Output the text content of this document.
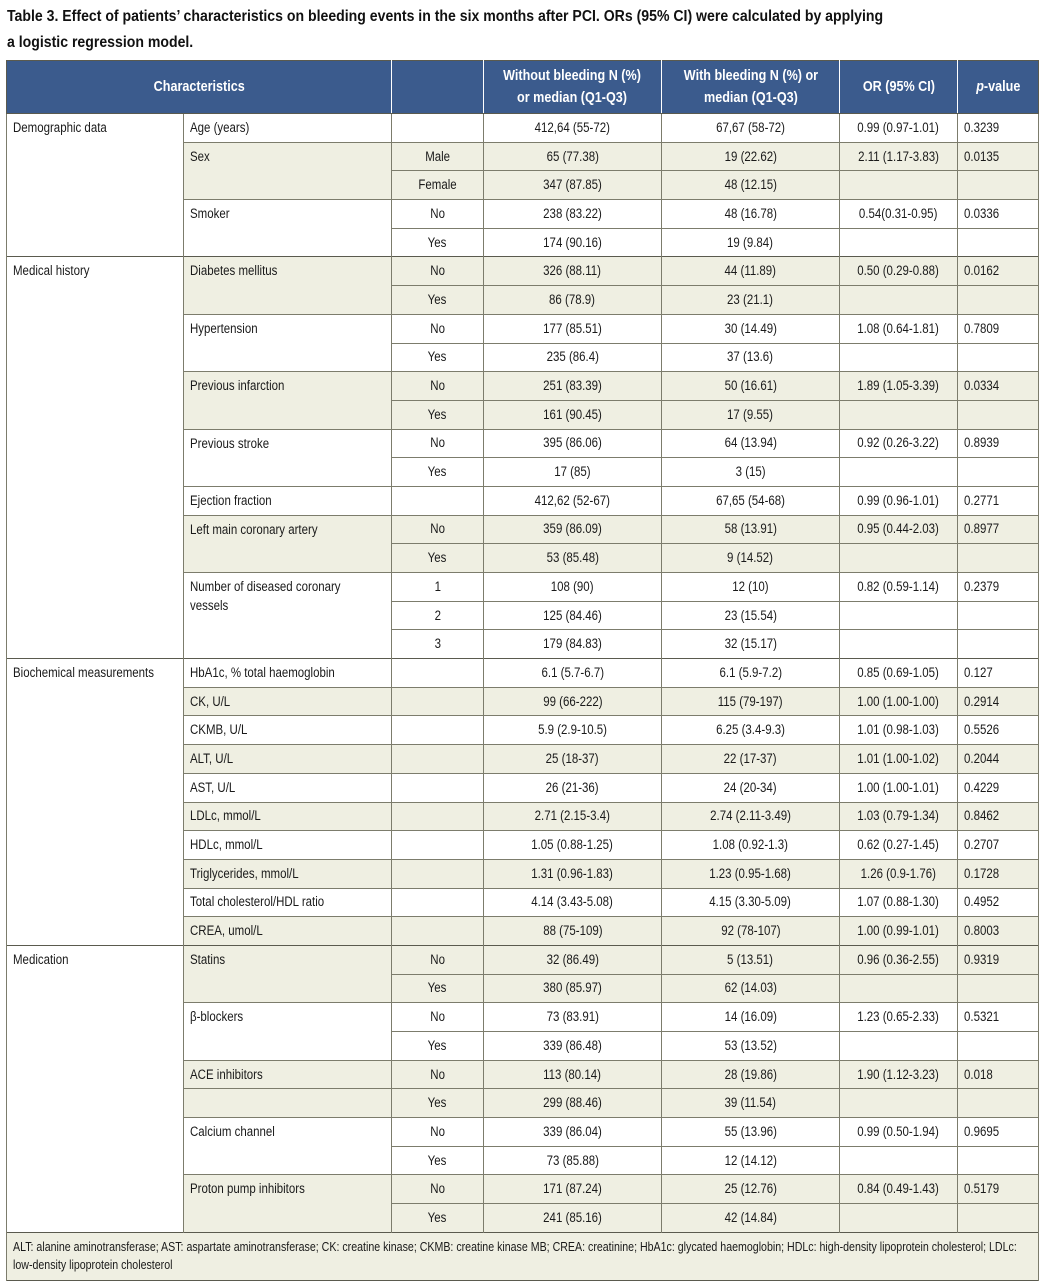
Table 3. Effect of patients’ characteristics on bleeding events in the six months after PCI. ORs (95% CI) were calculated by applying
a logistic regression model.
Characteristics			Without bleeding N (%)
or median (Q1-Q3)	With bleeding N (%) or
median (Q1-Q3)	OR (95% CI)	p-value
Demographic data	Age (years)		412,64 (55-72)	67,67 (58-72)	0.99 (0.97-1.01)	0.3239
	Sex	Male	65 (77.38)	19 (22.62)	2.11 (1.17-3.83)	0.0135
		Female	347 (87.85)	48 (12.15)		
	Smoker	No	238 (83.22)	48 (16.78)	0.54(0.31-0.95)	0.0336
		Yes	174 (90.16)	19 (9.84)		
Medical history	Diabetes mellitus	No	326 (88.11)	44 (11.89)	0.50 (0.29-0.88)	0.0162
		Yes	86 (78.9)	23 (21.1)		
	Hypertension	No	177 (85.51)	30 (14.49)	1.08 (0.64-1.81)	0.7809
		Yes	235 (86.4)	37 (13.6)		
	Previous infarction	No	251 (83.39)	50 (16.61)	1.89 (1.05-3.39)	0.0334
		Yes	161 (90.45)	17 (9.55)		
	Previous stroke	No	395 (86.06)	64 (13.94)	0.92 (0.26-3.22)	0.8939
		Yes	17 (85)	3 (15)		
	Ejection fraction		412,62 (52-67)	67,65 (54-68)	0.99 (0.96-1.01)	0.2771
	Left main coronary artery	No	359 (86.09)	58 (13.91)	0.95 (0.44-2.03)	0.8977
		Yes	53 (85.48)	9 (14.52)		

	Number of diseased coronary vessels	1	108 (90)	12 (10)	0.82 (0.59-1.14)	0.2379
		2	125 (84.46)	23 (15.54)		
		3	179 (84.83)	32 (15.17)		
Biochemical measurements	HbA1c, % total haemoglobin		6.1 (5.7-6.7)	6.1 (5.9-7.2)	0.85 (0.69-1.05)	0.127
	CK, U/L		99 (66-222)	115 (79-197)	1.00 (1.00-1.00)	0.2914
	CKMB, U/L		5.9 (2.9-10.5)	6.25 (3.4-9.3)	1.01 (0.98-1.03)	0.5526
	ALT, U/L		25 (18-37)	22 (17-37)	1.01 (1.00-1.02)	0.2044
	AST, U/L		26 (21-36)	24 (20-34)	1.00 (1.00-1.01)	0.4229
	LDLc, mmol/L		2.71 (2.15-3.4)	2.74 (2.11-3.49)	1.03 (0.79-1.34)	0.8462
	HDLc, mmol/L		1.05 (0.88-1.25)	1.08 (0.92-1.3)	0.62 (0.27-1.45)	0.2707
	Triglycerides, mmol/L		1.31 (0.96-1.83)	1.23 (0.95-1.68)	1.26 (0.9-1.76)	0.1728
	Total cholesterol/HDL ratio		4.14 (3.43-5.08)	4.15 (3.30-5.09)	1.07 (0.88-1.30)	0.4952
	CREA, umol/L		88 (75-109)	92 (78-107)	1.00 (0.99-1.01)	0.8003
Medication	Statins	No	32 (86.49)	5 (13.51)	0.96 (0.36-2.55)	0.9319
		Yes	380 (85.97)	62 (14.03)		
	β-blockers	No	73 (83.91)	14 (16.09)	1.23 (0.65-2.33)	0.5321
		Yes	339 (86.48)	53 (13.52)		
	ACE inhibitors	No	113 (80.14)	28 (19.86)	1.90 (1.12-3.23)	0.018
		Yes	299 (88.46)	39 (11.54)		
	Calcium channel	No	339 (86.04)	55 (13.96)	0.99 (0.50-1.94)	0.9695
		Yes	73 (85.88)	12 (14.12)		
	Proton pump inhibitors	No	171 (87.24)	25 (12.76)	0.84 (0.49-1.43)	0.5179
		Yes	241 (85.16)	42 (14.84)		

ALT: alanine aminotransferase; AST: aspartate aminotransferase; CK: creatine kinase; CKMB: creatine kinase MB; CREA: creatinine; HbA1c: glycated haemoglobin; HDLc: high-density lipoprotein cholesterol; LDLc: low-density lipoprotein cholesterol						
